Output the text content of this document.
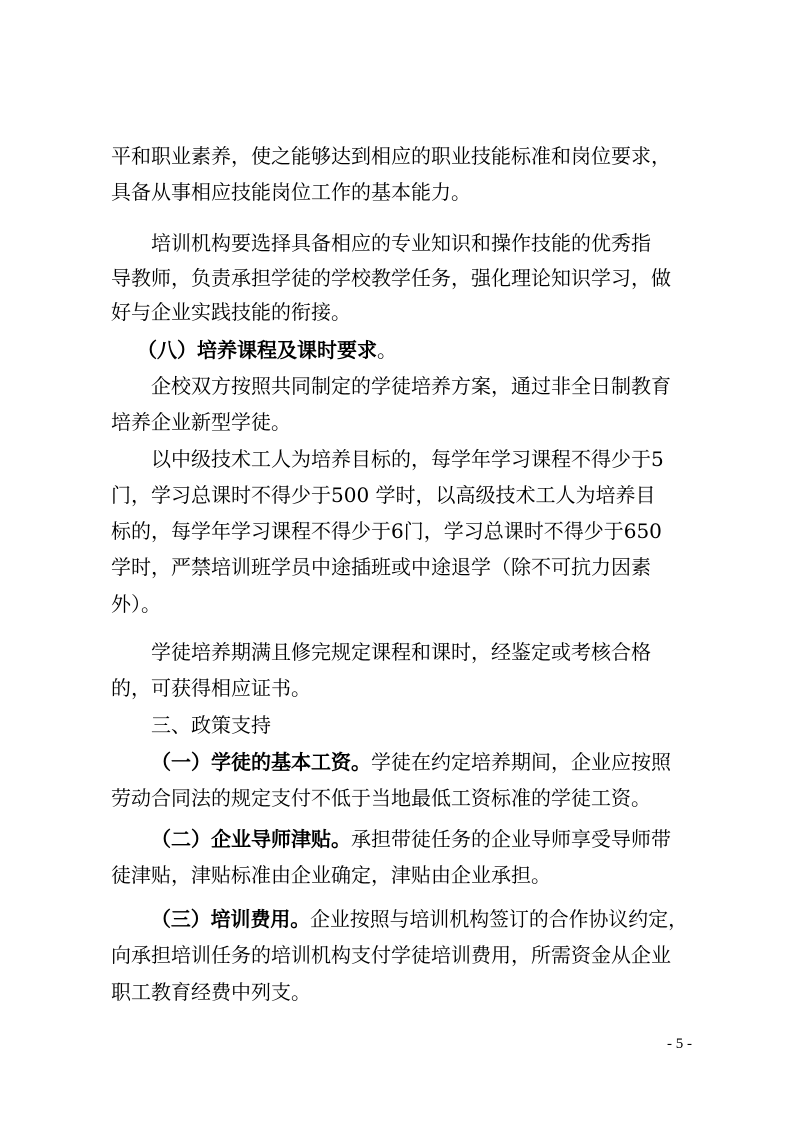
平和职业素养，使之能够达到相应的职业技能标准和岗位要求，
具备从事相应技能岗位工作的基本能力。
培训机构要选择具备相应的专业知识和操作技能的优秀指
导教师，负责承担学徒的学校教学任务，强化理论知识学习，做
好与企业实践技能的衔接。
（八）培养课程及课时要求。
企校双方按照共同制定的学徒培养方案，通过非全日制教育
培养企业新型学徒。
以中级技术工人为培养目标的，每学年学习课程不得少于5
门，学习总课时不得少于500 学时，以高级技术工人为培养目
标的，每学年学习课程不得少于6门，学习总课时不得少于650
学时，严禁培训班学员中途插班或中途退学（除不可抗力因素
外）。
学徒培养期满且修完规定课程和课时，经鉴定或考核合格
的，可获得相应证书。
三、政策支持
（一）学徒的基本工资。学徒在约定培养期间，企业应按照
劳动合同法的规定支付不低于当地最低工资标准的学徒工资。
（二）企业导师津贴。承担带徒任务的企业导师享受导师带
徒津贴，津贴标准由企业确定，津贴由企业承担。
（三）培训费用。企业按照与培训机构签订的合作协议约定，
向承担培训任务的培训机构支付学徒培训费用，所需资金从企业
职工教育经费中列支。
- 5 -
